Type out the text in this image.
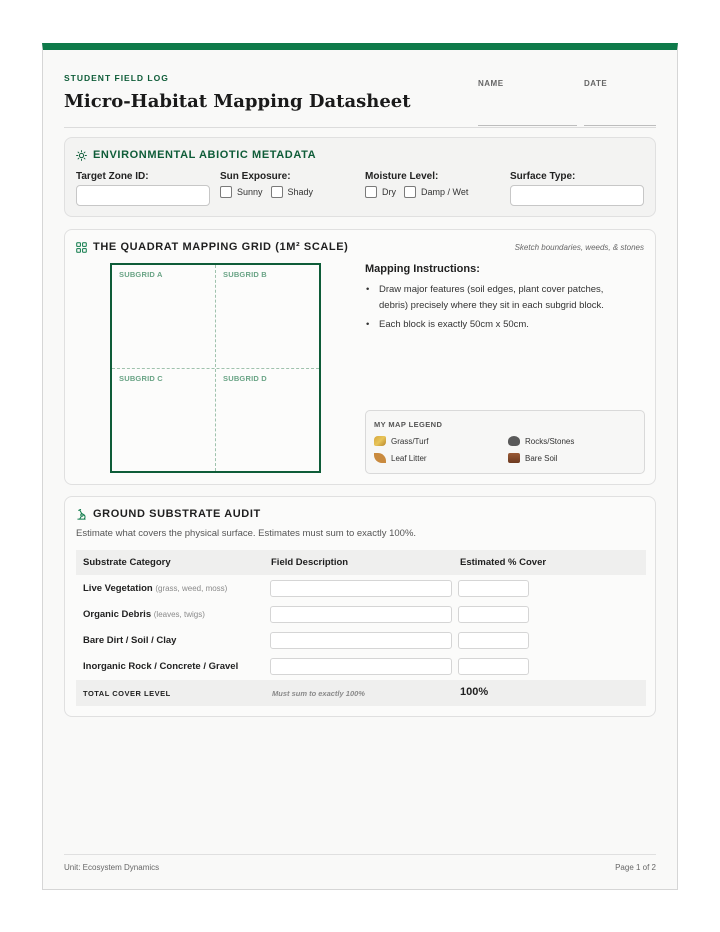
STUDENT FIELD LOG
Micro-Habitat Mapping Datasheet
NAME	DATE
ENVIRONMENTAL ABIOTIC METADATA
Target Zone ID:	Sun Exposure:
Sunny	Shady
Moisture Level:
Dry	Damp / Wet
Surface Type:
THE QUADRAT MAPPING GRID (1M² SCALE)	Sketch boundaries, weeds, & stones
SUBGRID A	SUBGRID B
SUBGRID C	SUBGRID D
Mapping Instructions:
• Draw major features (soil edges, plant cover patches, debris) precisely where they sit in each subgrid block.
• Each block is exactly 50cm x 50cm.
MY MAP LEGEND
Grass/Turf	Rocks/Stones
Leaf Litter	Bare Soil
GROUND SUBSTRATE AUDIT
Estimate what covers the physical surface. Estimates must sum to exactly 100%.
Substrate Category	Field Description	Estimated % Cover
Live Vegetation (grass, weed, moss)
Organic Debris (leaves, twigs)
Bare Dirt / Soil / Clay
Inorganic Rock / Concrete / Gravel
TOTAL COVER LEVEL	Must sum to exactly 100%	100%
Unit: Ecosystem Dynamics	Page 1 of 2
